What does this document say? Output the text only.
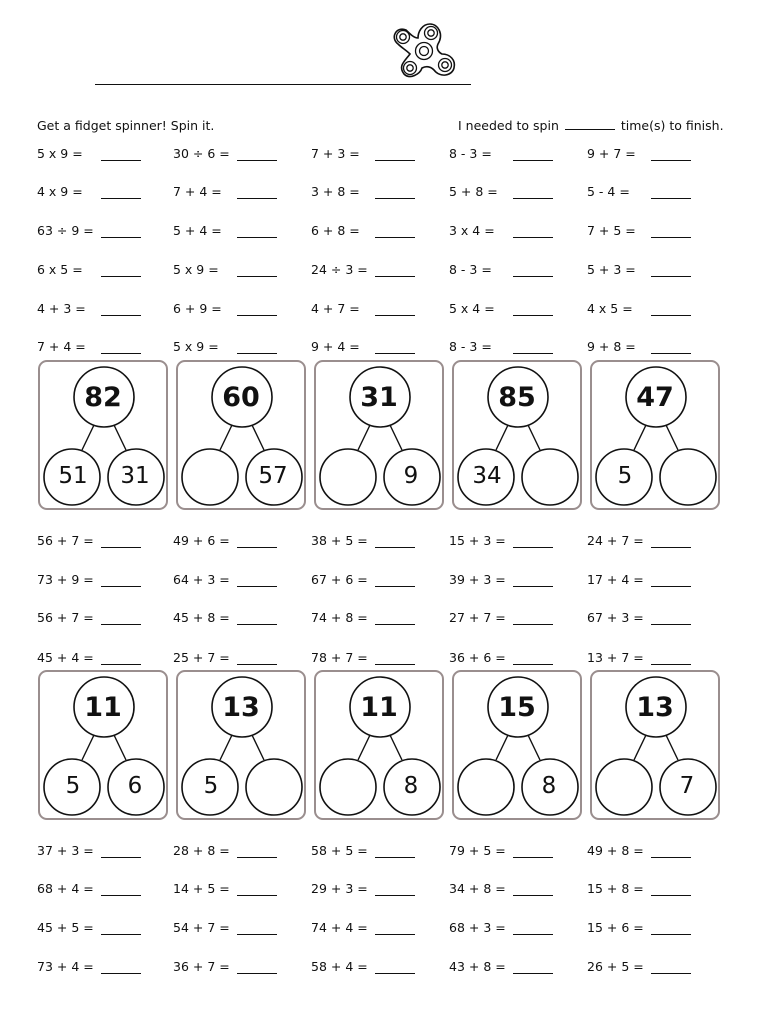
Get a fidget spinner! Spin it.	I needed to spin	time(s) to finish.
5 x 9 =	30 ÷ 6 =	7 + 3 =	8 - 3 =	9 + 7 =
4 x 9 =	7 + 4 =	3 + 8 =	5 + 8 =	5 - 4 =
63 ÷ 9 =	5 + 4 =	6 + 8 =	3 x 4 =	7 + 5 =
6 x 5 =	5 x 9 =	24 ÷ 3 =	8 - 3 =	5 + 3 =
4 + 3 =	6 + 9 =	4 + 7 =	5 x 4 =	4 x 5 =
7 + 4 =	5 x 9 =	9 + 4 =	8 - 3 =	9 + 8 =
82
51	31
60
57
31
9
85
34
47
5
56 + 7 =	49 + 6 =	38 + 5 =	15 + 3 =	24 + 7 =
73 + 9 =	64 + 3 =	67 + 6 =	39 + 3 =	17 + 4 =
56 + 7 =	45 + 8 =	74 + 8 =	27 + 7 =	67 + 3 =
45 + 4 =	25 + 7 =	78 + 7 =	36 + 6 =	13 + 7 =
11
5	6
13
5
11
8
15
8
13
7
37 + 3 =	28 + 8 =	58 + 5 =	79 + 5 =	49 + 8 =
68 + 4 =	14 + 5 =	29 + 3 =	34 + 8 =	15 + 8 =
45 + 5 =	54 + 7 =	74 + 4 =	68 + 3 =	15 + 6 =
73 + 4 =	36 + 7 =	58 + 4 =	43 + 8 =	26 + 5 =
